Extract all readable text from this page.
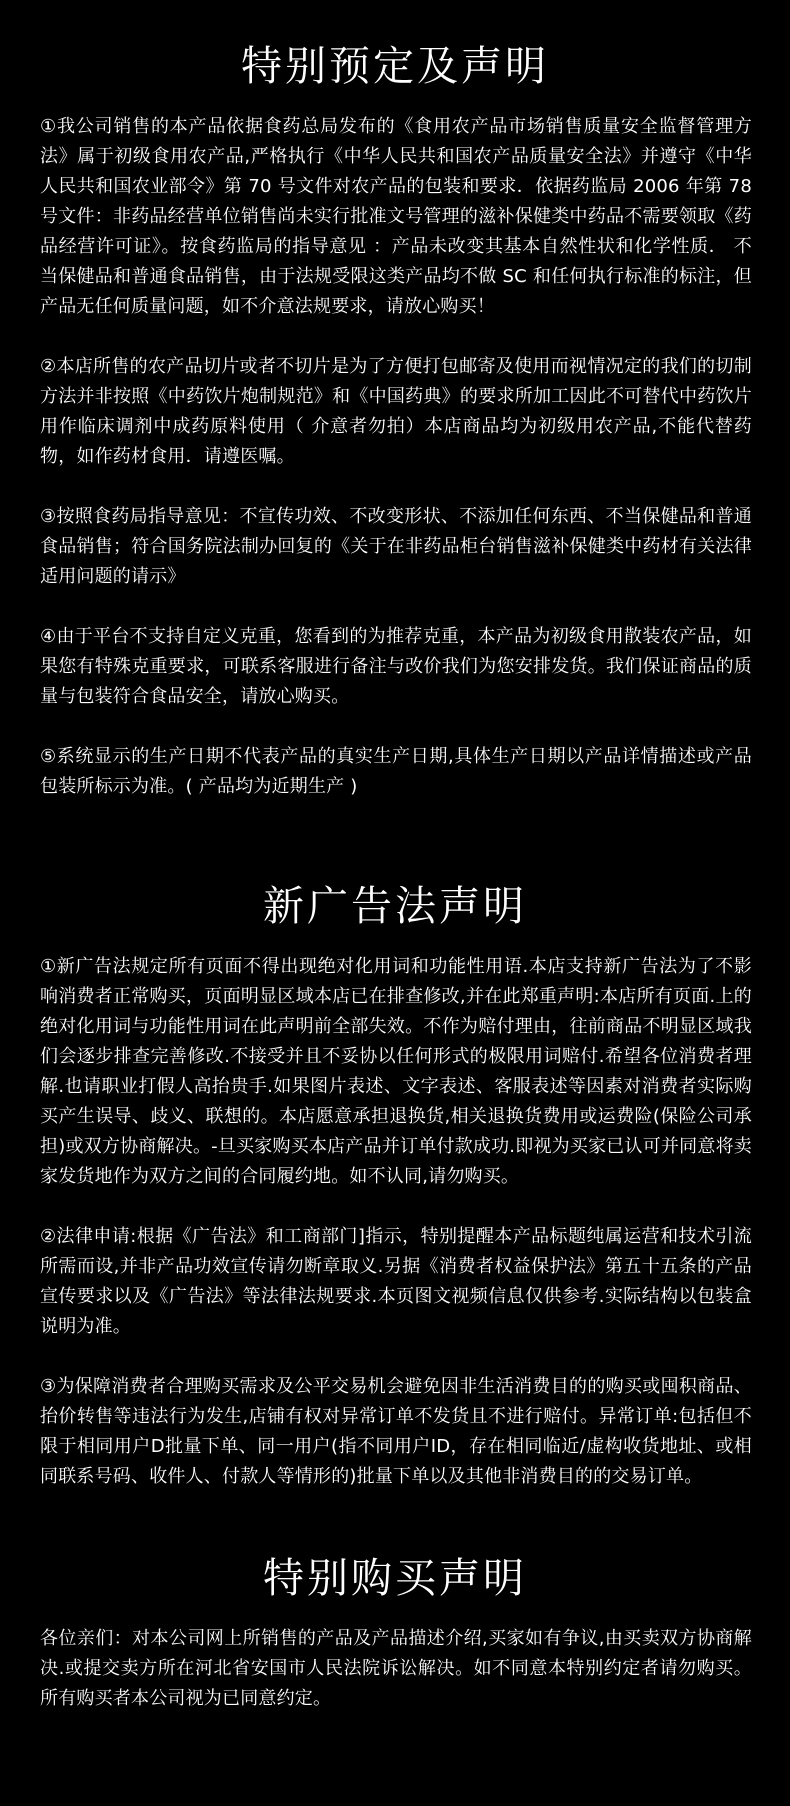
特别预定及声明

①我公司销售的本产品依据食药总局发布的《食用农产品市场销售质量安全监督管理方法》属于初级食用农产品,严格执行《中华人民共和国农产品质量安全法》并遵守《中华人民共和国农业部令》第 70 号文件对农产品的包装和要求．依据药监局 2006 年第 78 号文件：非药品经营单位销售尚未实行批准文号管理的滋补保健类中药品不需要领取《药品经营许可证》。按食药监局的指导意见 ：产品未改变其基本自然性状和化学性质． 不当保健品和普通食品销售，由于法规受限这类产品均不做 SC 和任何执行标准的标注，但产品无任何质量问题，如不介意法规要求，请放心购买！

②本店所售的农产品切片或者不切片是为了方便打包邮寄及使用而视情况定的我们的切制方法并非按照《中药饮片炮制规范》和《中国药典》的要求所加工因此不可替代中药饮片用作临床调剂中成药原料使用（ 介意者勿拍）本店商品均为初级用农产品,不能代替药物，如作药材食用．请遵医嘱。

③按照食药局指导意见：不宣传功效、不改变形状、不添加任何东西、不当保健品和普通食品销售；符合国务院法制办回复的《关于在非药品柜台销售滋补保健类中药材有关法律适用问题的请示》

④由于平台不支持自定义克重，您看到的为推荐克重，本产品为初级食用散装农产品，如果您有特殊克重要求，可联系客服进行备注与改价我们为您安排发货。我们保证商品的质量与包装符合食品安全，请放心购买。

⑤系统显示的生产日期不代表产品的真实生产日期,具体生产日期以产品详情描述或产品包装所标示为准。( 产品均为近期生产 )

新广告法声明

①新广告法规定所有页面不得出现绝对化用词和功能性用语.本店支持新广告法为了不影响消费者正常购买，页面明显区域本店已在排查修改,并在此郑重声明:本店所有页面.上的绝对化用词与功能性用词在此声明前全部失效。不作为赔付理由，往前商品不明显区域我们会逐步排查完善修改.不接受并且不妥协以任何形式的极限用词赔付.希望各位消费者理解.也请职业打假人高抬贵手.如果图片表述、文字表述、客服表述等因素对消费者实际购买产生误导、歧义、联想的。本店愿意承担退换货,相关退换货费用或运费险(保险公司承担)或双方协商解决。-旦买家购买本店产品并订单付款成功.即视为买家已认可并同意将卖家发货地作为双方之间的合同履约地。如不认同,请勿购买。

②法律申请:根据《广告法》和工商部门]指示，特别提醒本产品标题纯属运营和技术引流所需而设,并非产品功效宣传请勿断章取义.另据《消费者权益保护法》第五十五条的产品宣传要求以及《广告法》等法律法规要求.本页图文视频信息仅供参考.实际结构以包装盒说明为准。

③为保障消费者合理购买需求及公平交易机会避免因非生活消费目的的购买或囤积商品、抬价转售等违法行为发生,店铺有权对异常订单不发货且不进行赔付。异常订单:包括但不限于相同用户D批量下单、同一用户(指不同用户ID，存在相同临近/虚构收货地址、或相同联系号码、收件人、付款人等情形的)批量下单以及其他非消费目的的交易订单。

特别购买声明

各位亲们：对本公司网上所销售的产品及产品描述介绍,买家如有争议,由买卖双方协商解决.或提交卖方所在河北省安国市人民法院诉讼解决。如不同意本特别约定者请勿购买。所有购买者本公司视为已同意约定。
